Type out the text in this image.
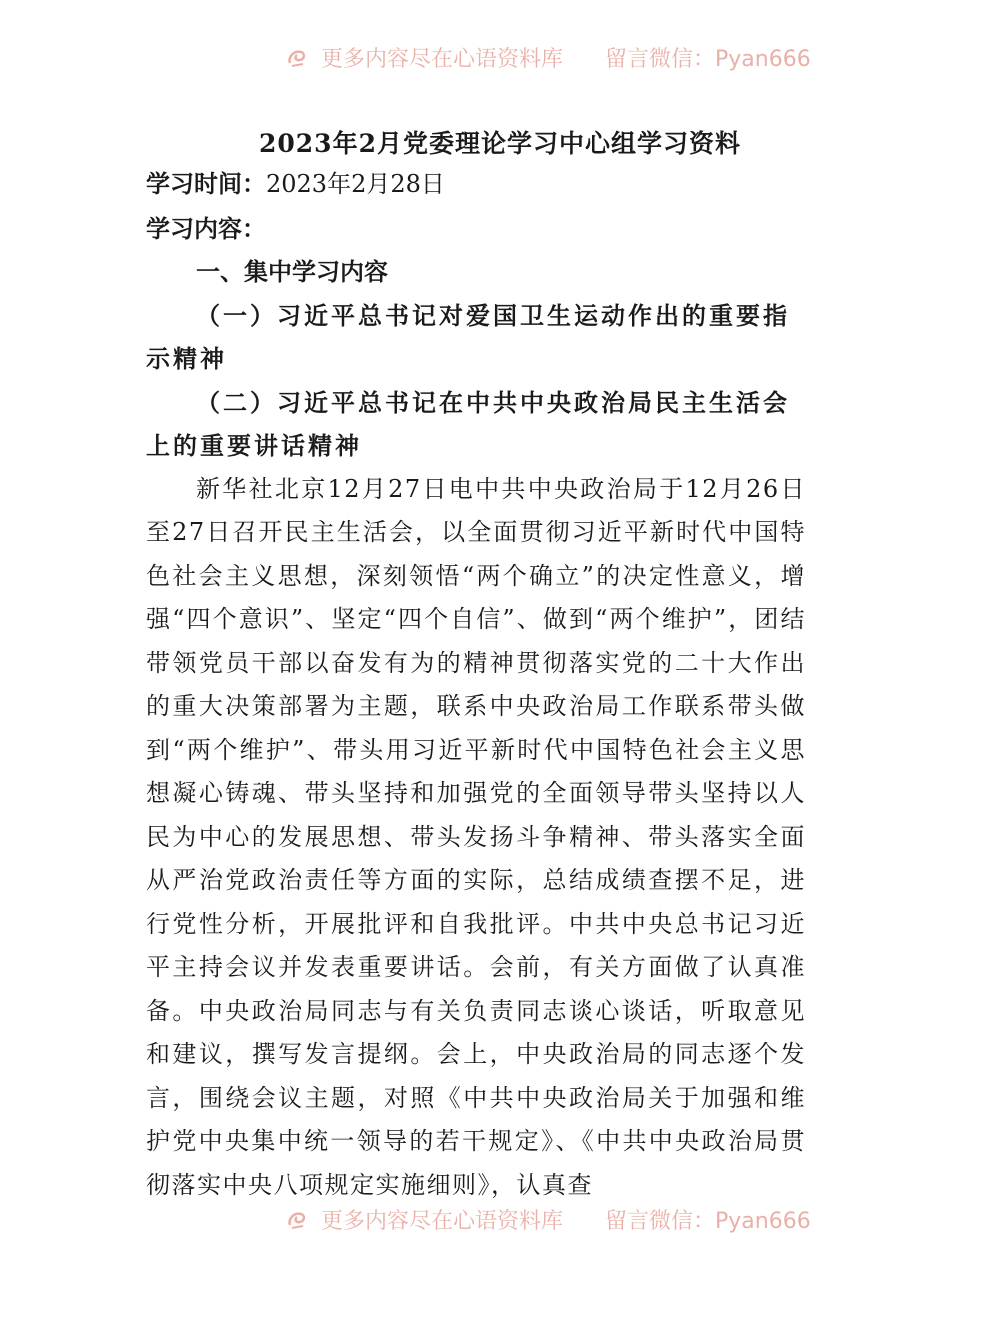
更多内容尽在心语资料库 留言微信：Pyan666
2023年2月党委理论学习中心组学习资料
学习时间：2023年2月28日
学习内容：
一、集中学习内容

（一）习近平总书记对爱国卫生运动作出的重要指示精神

（二）习近平总书记在中共中央政治局民主生活会上的重要讲话精神

新华社北京12月27日电中共中央政治局于12月26日至27日召开民主生活会，以全面贯彻习近平新时代中国特色社会主义思想，深刻领悟“两个确立”的决定性意义，增强“四个意识”、坚定“四个自信”、做到“两个维护”，团结带领党员干部以奋发有为的精神贯彻落实党的二十大作出的重大决策部署为主题，联系中央政治局工作联系带头做到“两个维护”、带头用习近平新时代中国特色社会主义思想凝心铸魂、带头坚持和加强党的全面领导带头坚持以人民为中心的发展思想、带头发扬斗争精神、带头落实全面从严治党政治责任等方面的实际，总结成绩查摆不足，进行党性分析，开展批评和自我批评。中共中央总书记习近平主持会议并发表重要讲话。会前，有关方面做了认真准备。中央政治局同志与有关负责同志谈心谈话，听取意见和建议，撰写发言提纲。会上，中央政治局的同志逐个发言，围绕会议主题，对照《中共中央政治局关于加强和维护党中央集中统一领导的若干规定》、《中共中央政治局贯彻落实中央八项规定实施细则》，认真查

更多内容尽在心语资料库 留言微信：Pyan666
